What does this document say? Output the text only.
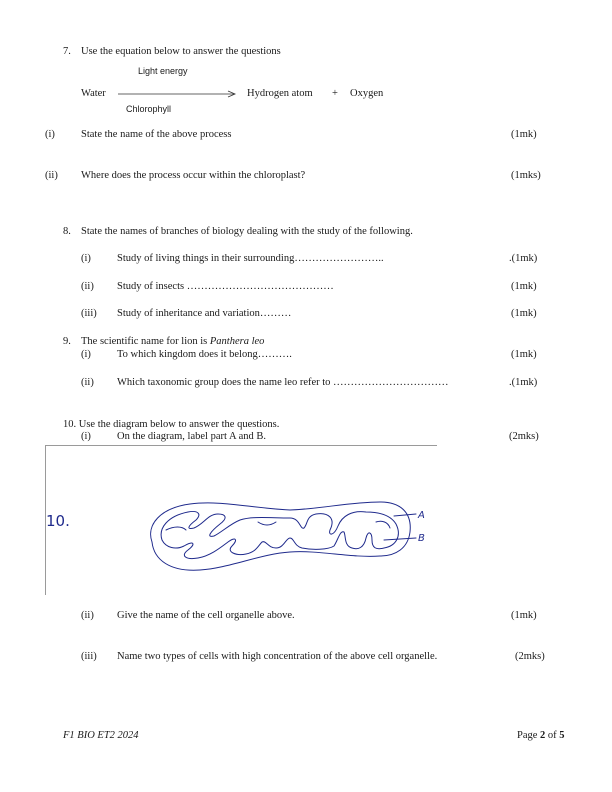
7. Use the equation below to answer the questions
Light energy
Water	Hydrogen atom + Oxygen
Chlorophyll
(i) State the name of the above process	(1mk)
(ii) Where does the process occur within the chloroplast?	(1mks)
8. State the names of branches of biology dealing with the study of the following.
(i) Study of living things in their surrounding……………………..	.(1mk)
(ii) Study of insects ……………………………………	(1mk)
(iii) Study of inheritance and variation………	(1mk)
9. The scientific name for lion is Panthera leo
(i) To which kingdom does it belong……….	(1mk)
(ii) Which taxonomic group does the name leo refer to ……………………………	.(1mk)
10. Use the diagram below to answer the questions.
(i) On the diagram, label part A and B.	(2mks)
10.	A
B
(ii) Give the name of the cell organelle above.	(1mk)
(iii) Name two types of cells with high concentration of the above cell organelle.	(2mks)
F1 BIO ET2 2024	Page 2 of 5
